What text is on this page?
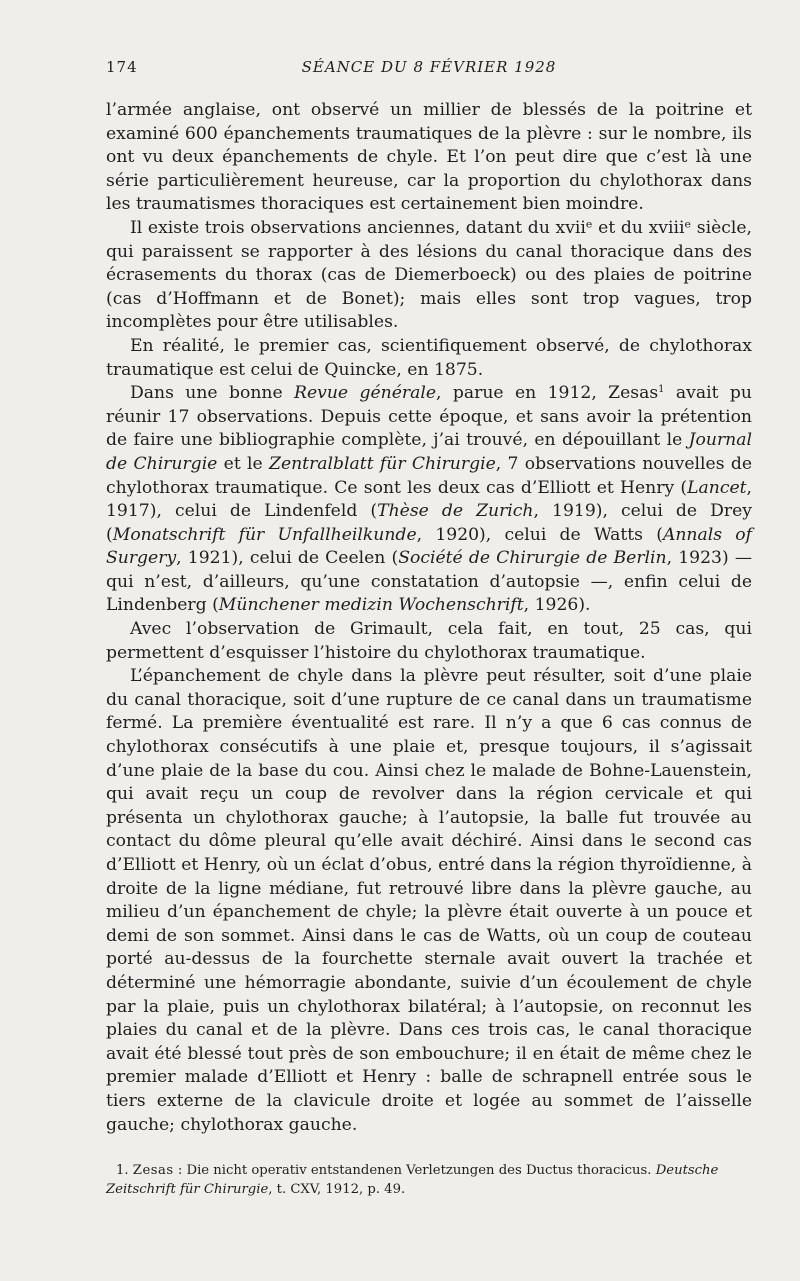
174	SÉANCE DU 8 FÉVRIER 1928

l’armée anglaise, ont observé un millier de blessés de la poitrine et examiné 600 épanchements traumatiques de la plèvre : sur le nombre, ils ont vu deux épanchements de chyle. Et l’on peut dire que c’est là une série particulièrement heureuse, car la proportion du chylothorax dans les traumatismes thoraciques est certainement bien moindre.

Il existe trois observations anciennes, datant du xviiᵉ et du xviiiᵉ siècle, qui paraissent se rapporter à des lésions du canal thoracique dans des écrasements du thorax (cas de Diemerboeck) ou des plaies de poitrine (cas d’Hoffmann et de Bonet); mais elles sont trop vagues, trop incomplètes pour être utilisables.

En réalité, le premier cas, scientifiquement observé, de chylothorax traumatique est celui de Quincke, en 1875.

Dans une bonne Revue générale, parue en 1912, Zesas$^1$ avait pu réunir 17 observations. Depuis cette époque, et sans avoir la prétention de faire une bibliographie complète, j’ai trouvé, en dépouillant le Journal de Chirurgie et le Zentralblatt für Chirurgie, 7 observations nouvelles de chylothorax traumatique. Ce sont les deux cas d’Elliott et Henry (Lancet, 1917), celui de Lindenfeld (Thèse de Zurich, 1919), celui de Drey (Monatschrift für Unfallheilkunde, 1920), celui de Watts (Annals of Surgery, 1921), celui de Ceelen (Société de Chirurgie de Berlin, 1923) — qui n’est, d’ailleurs, qu’une constatation d’autopsie —, enfin celui de Lindenberg (Münchener medizin Wochenschrift, 1926).

Avec l’observation de Grimault, cela fait, en tout, 25 cas, qui permettent d’esquisser l’histoire du chylothorax traumatique.

L’épanchement de chyle dans la plèvre peut résulter, soit d’une plaie du canal thoracique, soit d’une rupture de ce canal dans un traumatisme fermé. La première éventualité est rare. Il n’y a que 6 cas connus de chylothorax consécutifs à une plaie et, presque toujours, il s’agissait d’une plaie de la base du cou. Ainsi chez le malade de Bohne-Lauenstein, qui avait reçu un coup de revolver dans la région cervicale et qui présenta un chylothorax gauche; à l’autopsie, la balle fut trouvée au contact du dôme pleural qu’elle avait déchiré. Ainsi dans le second cas d’Elliott et Henry, où un éclat d’obus, entré dans la région thyroïdienne, à droite de la ligne médiane, fut retrouvé libre dans la plèvre gauche, au milieu d’un épanchement de chyle; la plèvre était ouverte à un pouce et demi de son sommet. Ainsi dans le cas de Watts, où un coup de couteau porté au-dessus de la fourchette sternale avait ouvert la trachée et déterminé une hémorragie abondante, suivie d’un écoulement de chyle par la plaie, puis un chylothorax bilatéral; à l’autopsie, on reconnut les plaies du canal et de la plèvre. Dans ces trois cas, le canal thoracique avait été blessé tout près de son embouchure; il en était de même chez le premier malade d’Elliott et Henry : balle de schrapnell entrée sous le tiers externe de la clavicule droite et logée au sommet de l’aisselle gauche; chylothorax gauche.

1. Zesas : Die nicht operativ entstandenen Verletzungen des Ductus thoracicus. Deutsche Zeitschrift für Chirurgie, t. CXV, 1912, p. 49.
